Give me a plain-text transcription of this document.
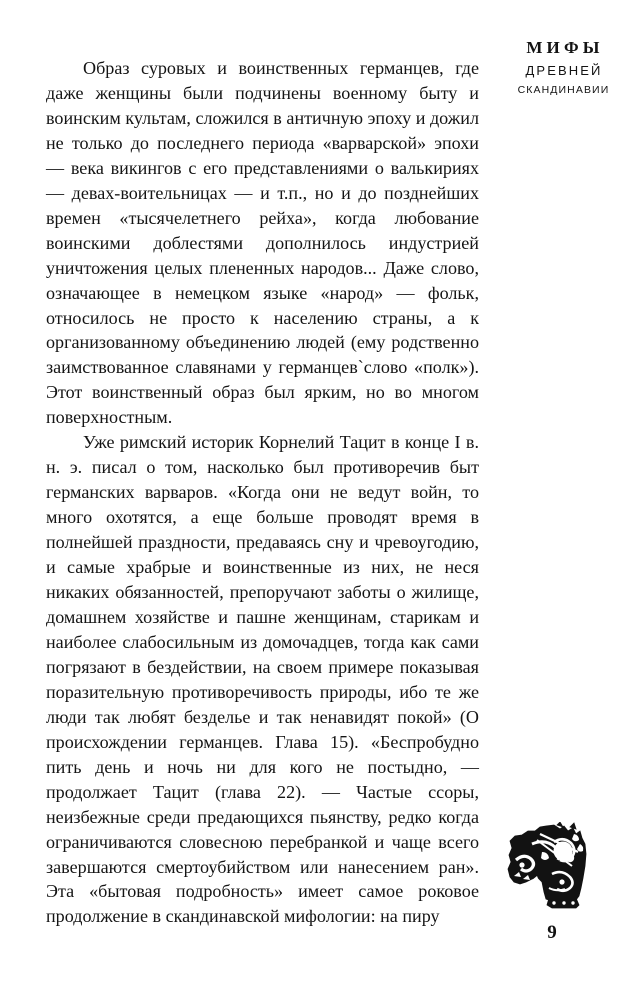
МИФЫ
ДРЕВНЕЙ
СКАНДИНАВИИ

Образ суровых и воинственных германцев, где даже женщины были подчинены военному быту и воинским культам, сложился в античную эпоху и дожил не только до последнего периода «варварской» эпохи — века викингов с его представлениями о валькириях — девах-воительницах — и т.п., но и до позднейших времен «тысячелетнего рейха», когда любование воинскими доблестями дополнилось индустрией уничтожения целых плененных народов... Даже слово, означающее в немецком языке «народ» — фольк, относилось не просто к населению страны, а к организованному объединению людей (ему родственно заимствованное славянами у германцев`слово «полк»). Этот воинственный образ был ярким, но во многом поверхностным.

Уже римский историк Корнелий Тацит в конце I в. н. э. писал о том, насколько был противоречив быт германских варваров. «Когда они не ведут войн, то много охотятся, а еще больше проводят время в полнейшей праздности, предаваясь сну и чревоугодию, и самые храбрые и воинственные из них, не неся никаких обязанностей, препоручают заботы о жилище, домашнем хозяйстве и пашне женщинам, старикам и наиболее слабосильным из домочадцев, тогда как сами погрязают в бездействии, на своем примере показывая поразительную противоречивость природы, ибо те же люди так любят безделье и так ненавидят покой» (О происхождении германцев. Глава 15). «Беспробудно пить день и ночь ни для кого не постыдно, — продолжает Тацит (глава 22). — Частые ссоры, неизбежные среди предающихся пьянству, редко когда ограничиваются словесною перебранкой и чаще всего завершаются смертоубийством или нанесением ран». Эта «бытовая подробность» имеет самое роковое продолжение в скандинавской мифологии: на пиру

9
